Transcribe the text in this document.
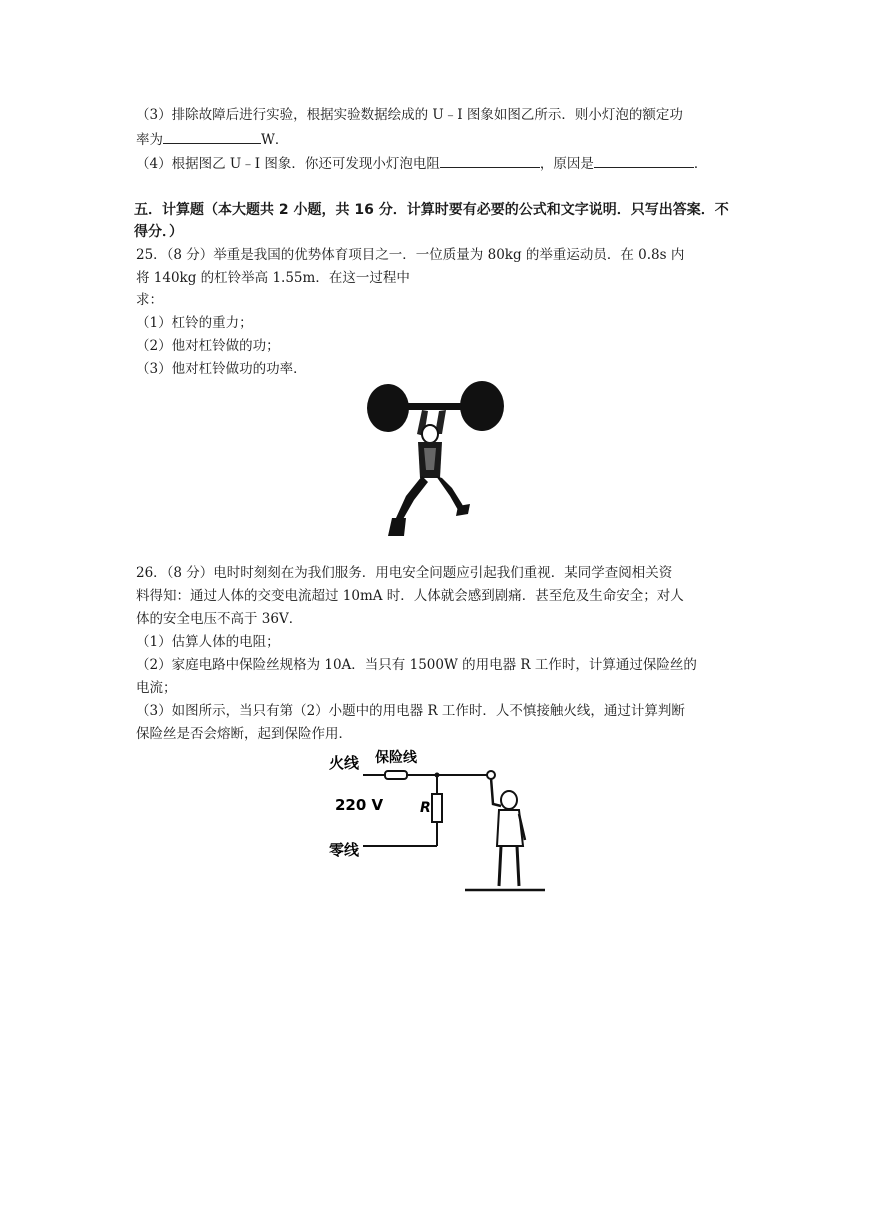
（3）排除故障后进行实验，根据实验数据绘成的 U﹣I 图象如图乙所示．则小灯泡的额定功
率为	W．
（4）根据图乙 U﹣I 图象．你还可发现小灯泡电阻	，原因是	．
五．计算题（本大题共 2 小题，共 16 分．计算时要有必要的公式和文字说明．只写出答案．不
得分．）
25．（8 分）举重是我国的优势体育项目之一．一位质量为 80kg 的举重运动员．在 0.8s 内
将 140kg 的杠铃举高 1.55m．在这一过程中
求：
（1）杠铃的重力；
（2）他对杠铃做的功；
（3）他对杠铃做功的功率．
26．（8 分）电时时刻刻在为我们服务．用电安全问题应引起我们重视．某同学查阅相关资
料得知：通过人体的交变电流超过 10mA 时．人体就会感到剧痛．甚至危及生命安全；对人
体的安全电压不高于 36V．
（1）估算人体的电阻；
（2）家庭电路中保险丝规格为 10A．当只有 1500W 的用电器 R 工作时，计算通过保险丝的
电流；
（3）如图所示，当只有第（2）小题中的用电器 R 工作时．人不慎接触火线，通过计算判断
保险丝是否会熔断，起到保险作用．
火线 保险线
220 V
零线
R
